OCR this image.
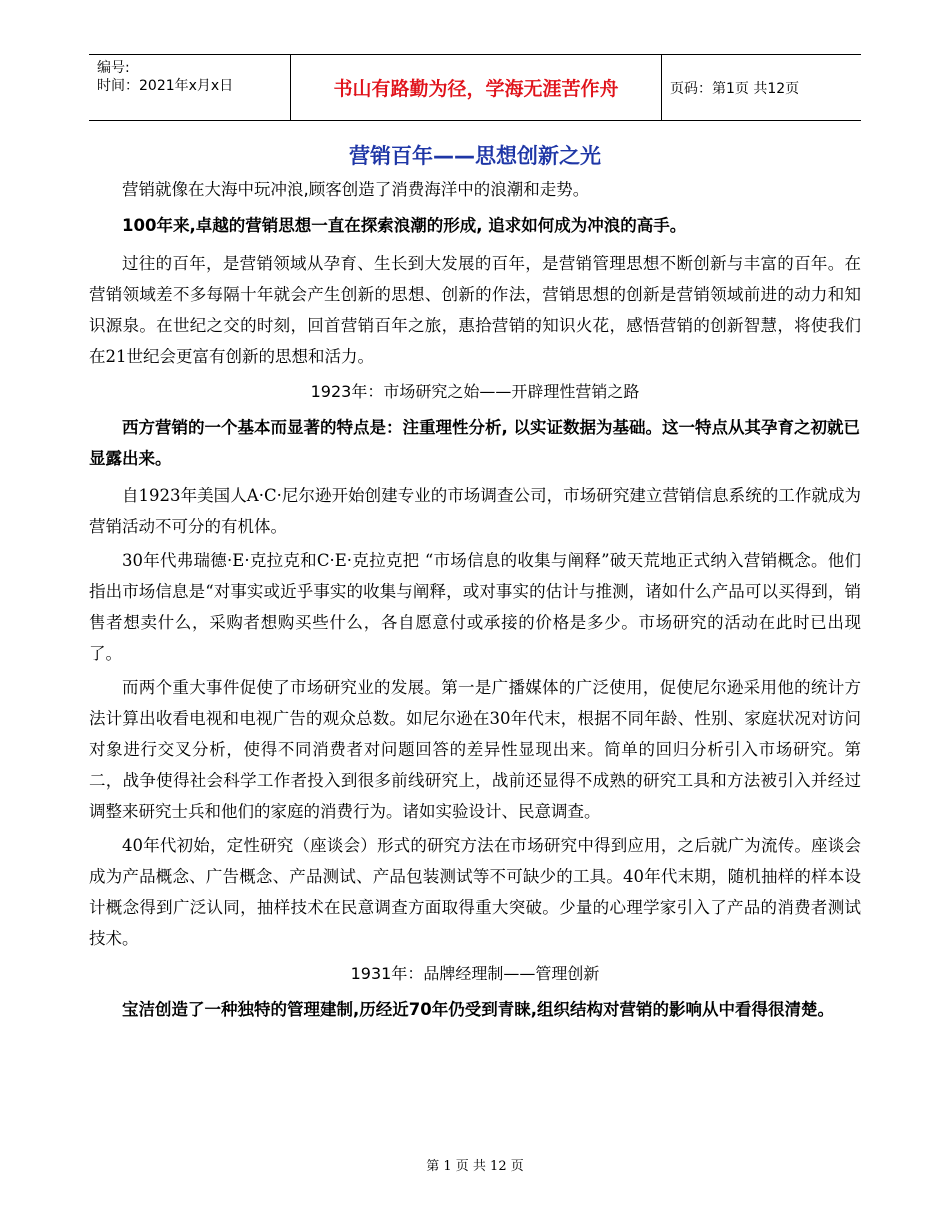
编号:
时间：2021年x月x日	书山有路勤为径，学海无涯苦作舟	页码：第1页 共12页
营销百年——思想创新之光

营销就像在大海中玩冲浪,顾客创造了消费海洋中的浪潮和走势。

100年来,卓越的营销思想一直在探索浪潮的形成, 追求如何成为冲浪的高手。

过往的百年，是营销领域从孕育、生长到大发展的百年，是营销管理思想不断创新与丰富的百年。在营销领域差不多每隔十年就会产生创新的思想、创新的作法，营销思想的创新是营销领域前进的动力和知识源泉。在世纪之交的时刻，回首营销百年之旅，惠拾营销的知识火花，感悟营销的创新智慧，将使我们在21世纪会更富有创新的思想和活力。

1923年：市场研究之始——开辟理性营销之路

西方营销的一个基本而显著的特点是：注重理性分析, 以实证数据为基础。这一特点从其孕育之初就已显露出来。

自1923年美国人A·C·尼尔逊开始创建专业的市场调查公司，市场研究建立营销信息系统的工作就成为营销活动不可分的有机体。

30年代弗瑞德·E·克拉克和C·E·克拉克把 “市场信息的收集与阐释”破天荒地正式纳入营销概念。他们指出市场信息是“对事实或近乎事实的收集与阐释，或对事实的估计与推测，诸如什么产品可以买得到，销售者想卖什么，采购者想购买些什么，各自愿意付或承接的价格是多少。市场研究的活动在此时已出现了。

而两个重大事件促使了市场研究业的发展。第一是广播媒体的广泛使用，促使尼尔逊采用他的统计方法计算出收看电视和电视广告的观众总数。如尼尔逊在30年代末，根据不同年龄、性别、家庭状况对访问对象进行交叉分析，使得不同消费者对问题回答的差异性显现出来。简单的回归分析引入市场研究。第二，战争使得社会科学工作者投入到很多前线研究上，战前还显得不成熟的研究工具和方法被引入并经过调整来研究士兵和他们的家庭的消费行为。诸如实验设计、民意调查。

40年代初始，定性研究（座谈会）形式的研究方法在市场研究中得到应用，之后就广为流传。座谈会成为产品概念、广告概念、产品测试、产品包装测试等不可缺少的工具。40年代末期，随机抽样的样本设计概念得到广泛认同，抽样技术在民意调查方面取得重大突破。少量的心理学家引入了产品的消费者测试技术。

1931年：品牌经理制——管理创新

宝洁创造了一种独特的管理建制,历经近70年仍受到青睐,组织结构对营销的影响从中看得很清楚。

第 1 页 共 12 页
